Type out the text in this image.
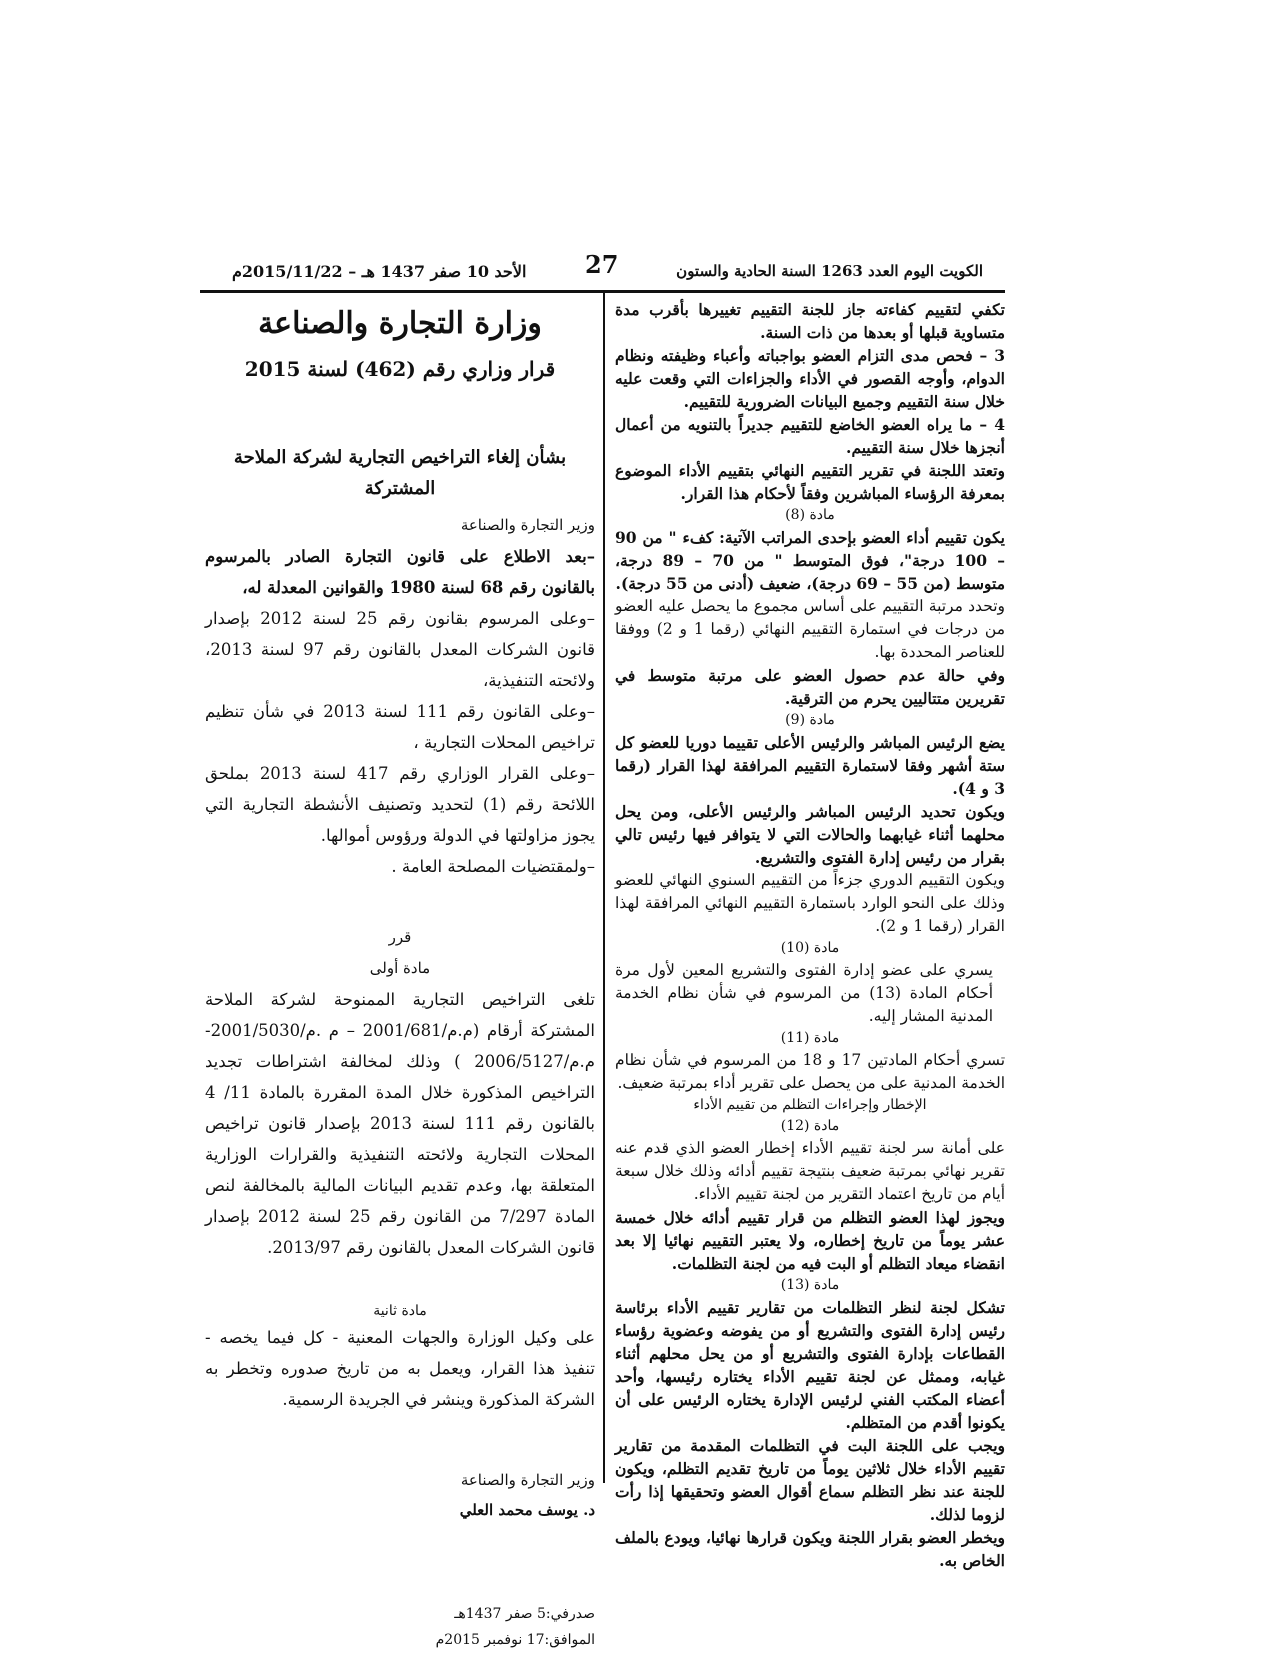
الأحد 10 صفر 1437 هـ – 2015/11/22م 27	الكويت اليوم العدد 1263 السنة الحادية والستون

تكفي لتقييم كفاءته جاز للجنة التقييم تغييرها بأقرب مدة متساوية قبلها أو بعدها من ذات السنة.

3 – فحص مدى التزام العضو بواجباته وأعباء وظيفته ونظام الدوام، وأوجه القصور في الأداء والجزاءات التي وقعت عليه خلال سنة التقييم وجميع البيانات الضرورية للتقييم.

4 – ما يراه العضو الخاضع للتقييم جديراً بالتنويه من أعمال أنجزها خلال سنة التقييم.

وتعتد اللجنة في تقرير التقييم النهائي بتقييم الأداء الموضوع بمعرفة الرؤساء المباشرين وفقاً لأحكام هذا القرار.

مادة (8)

يكون تقييم أداء العضو بإحدى المراتب الآتية: كفء " من 90 – 100 درجة"، فوق المتوسط " من 70 – 89 درجة، متوسط (من 55 – 69 درجة)، ضعيف (أدنى من 55 درجة).

وتحدد مرتبة التقييم على أساس مجموع ما يحصل عليه العضو من درجات في استمارة التقييم النهائي (رقما 1 و 2) ووفقا للعناصر المحددة بها.

وفي حالة عدم حصول العضو على مرتبة متوسط في تقريرين متتاليين يحرم من الترقية.

مادة (9)

يضع الرئيس المباشر والرئيس الأعلى تقييما دوريا للعضو كل ستة أشهر وفقا لاستمارة التقييم المرافقة لهذا القرار (رقما 3 و 4).

ويكون تحديد الرئيس المباشر والرئيس الأعلى، ومن يحل محلهما أثناء غيابهما والحالات التي لا يتوافر فيها رئيس تالي بقرار من رئيس إدارة الفتوى والتشريع.

ويكون التقييم الدوري جزءاً من التقييم السنوي النهائي للعضو وذلك على النحو الوارد باستمارة التقييم النهائي المرافقة لهذا القرار (رقما 1 و 2).

مادة (10)

يسري على عضو إدارة الفتوى والتشريع المعين لأول مرة أحكام المادة (13) من المرسوم في شأن نظام الخدمة المدنية المشار إليه.

مادة (11)

تسري أحكام المادتين 17 و 18 من المرسوم في شأن نظام الخدمة المدنية على من يحصل على تقرير أداء بمرتبة ضعيف.

الإخطار وإجراءات التظلم من تقييم الأداء
مادة (12)

على أمانة سر لجنة تقييم الأداء إخطار العضو الذي قدم عنه تقرير نهائي بمرتبة ضعيف بنتيجة تقييم أدائه وذلك خلال سبعة أيام من تاريخ اعتماد التقرير من لجنة تقييم الأداء.

ويجوز لهذا العضو التظلم من قرار تقييم أدائه خلال خمسة عشر يوماً من تاريخ إخطاره، ولا يعتبر التقييم نهائيا إلا بعد انقضاء ميعاد التظلم أو البت فيه من لجنة التظلمات.

مادة (13)

تشكل لجنة لنظر التظلمات من تقارير تقييم الأداء برئاسة رئيس إدارة الفتوى والتشريع أو من يفوضه وعضوية رؤساء القطاعات بإدارة الفتوى والتشريع أو من يحل محلهم أثناء غيابه، وممثل عن لجنة تقييم الأداء يختاره رئيسها، وأحد أعضاء المكتب الفني لرئيس الإدارة يختاره الرئيس على أن يكونوا أقدم من المتظلم.

ويجب على اللجنة البت في التظلمات المقدمة من تقارير تقييم الأداء خلال ثلاثين يوماً من تاريخ تقديم التظلم، ويكون للجنة عند نظر التظلم سماع أقوال العضو وتحقيقها إذا رأت لزوما لذلك.

ويخطر العضو بقرار اللجنة ويكون قرارها نهائيا، ويودع بالملف الخاص به.

وزارة التجارة والصناعة
قرار وزاري رقم (462) لسنة 2015
بشأن إلغاء التراخيص التجارية لشركة الملاحة المشتركة

وزير التجارة والصناعة

–بعد الاطلاع على قانون التجارة الصادر بالمرسوم بالقانون رقم 68 لسنة 1980 والقوانين المعدلة له،

–وعلى المرسوم بقانون رقم 25 لسنة 2012 بإصدار قانون الشركات المعدل بالقانون رقم 97 لسنة 2013، ولائحته التنفيذية،

–وعلى القانون رقم 111 لسنة 2013 في شأن تنظيم تراخيص المحلات التجارية ،

–وعلى القرار الوزاري رقم 417 لسنة 2013 بملحق اللائحة رقم (1) لتحديد وتصنيف الأنشطة التجارية التي يجوز مزاولتها في الدولة ورؤوس أموالها.

–ولمقتضيات المصلحة العامة .

قرر
مادة أولى

تلغى التراخيص التجارية الممنوحة لشركة الملاحة المشتركة أرقام (م.م/2001/681 – م .م/2001/5030- م.م/2006/5127 ) وذلك لمخالفة اشتراطات تجديد التراخيص المذكورة خلال المدة المقررة بالمادة 11/ 4 بالقانون رقم 111 لسنة 2013 بإصدار قانون تراخيص المحلات التجارية ولائحته التنفيذية والقرارات الوزارية المتعلقة بها، وعدم تقديم البيانات المالية بالمخالفة لنص المادة 7/297 من القانون رقم 25 لسنة 2012 بإصدار قانون الشركات المعدل بالقانون رقم 2013/97.

مادة ثانية

على وكيل الوزارة والجهات المعنية - كل فيما يخصه - تنفيذ هذا القرار، ويعمل به من تاريخ صدوره وتخطر به الشركة المذكورة وينشر في الجريدة الرسمية.

وزير التجارة والصناعة

د. يوسف محمد العلي

صدرفي:5 صفر 1437هـ

الموافق:17 نوفمبر 2015م
